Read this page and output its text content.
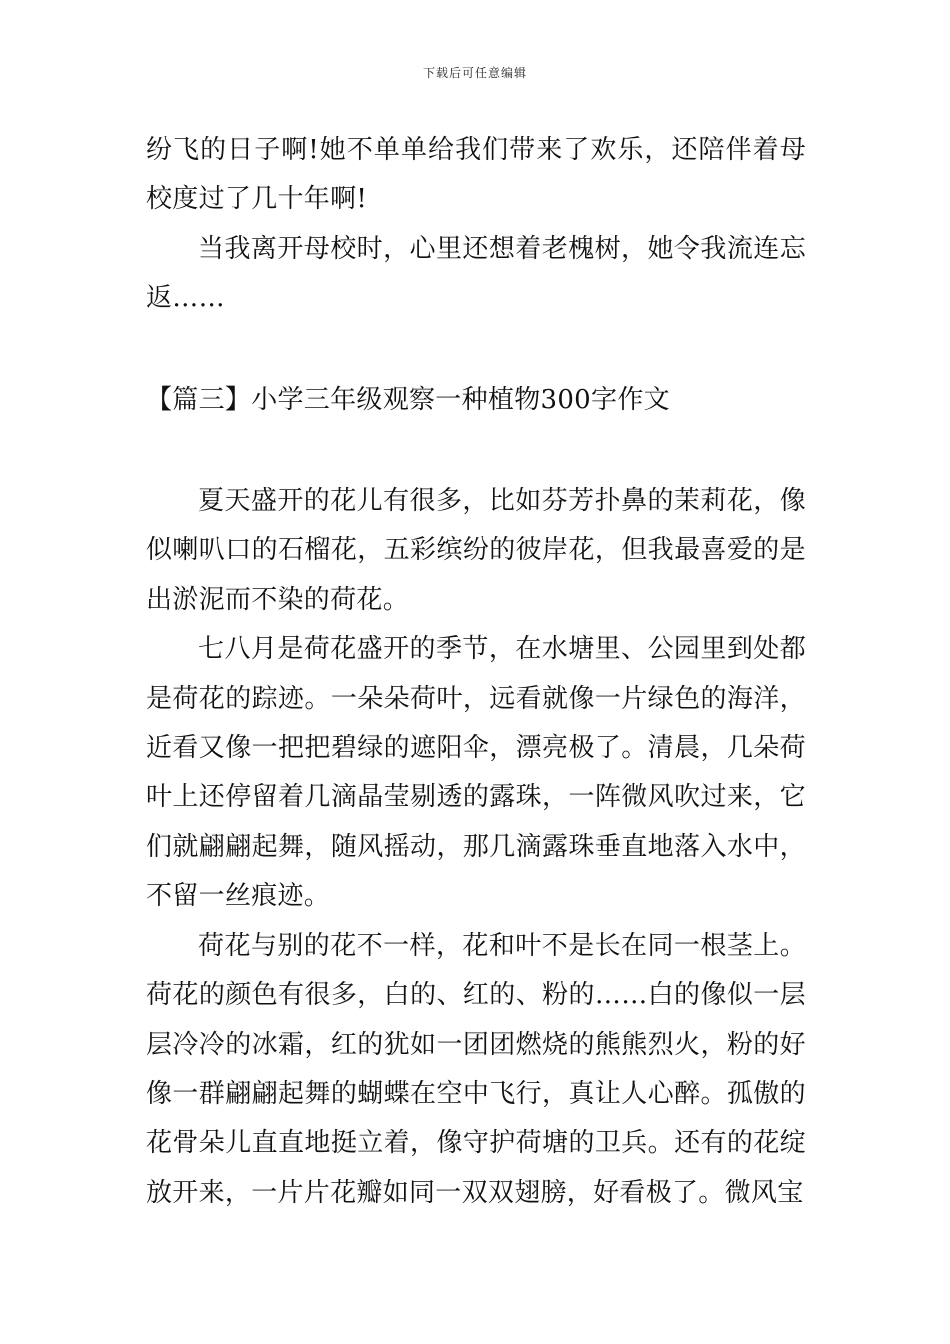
下载后可任意编辑

纷飞的日子啊!她不单单给我们带来了欢乐，还陪伴着母校度过了几十年啊!

当我离开母校时，心里还想着老槐树，她令我流连忘返……

【篇三】小学三年级观察一种植物300字作文

夏天盛开的花儿有很多，比如芬芳扑鼻的茉莉花，像似喇叭口的石榴花，五彩缤纷的彼岸花，但我最喜爱的是出淤泥而不染的荷花。

七八月是荷花盛开的季节，在水塘里、公园里到处都是荷花的踪迹。一朵朵荷叶，远看就像一片绿色的海洋，近看又像一把把碧绿的遮阳伞，漂亮极了。清晨，几朵荷叶上还停留着几滴晶莹剔透的露珠，一阵微风吹过来，它们就翩翩起舞，随风摇动，那几滴露珠垂直地落入水中，不留一丝痕迹。

荷花与别的花不一样，花和叶不是长在同一根茎上。荷花的颜色有很多，白的、红的、粉的……白的像似一层层冷冷的冰霜，红的犹如一团团燃烧的熊熊烈火，粉的好像一群翩翩起舞的蝴蝶在空中飞行，真让人心醉。孤傲的花骨朵儿直直地挺立着，像守护荷塘的卫兵。还有的花绽放开来，一片片花瓣如同一双双翅膀，好看极了。微风宝
